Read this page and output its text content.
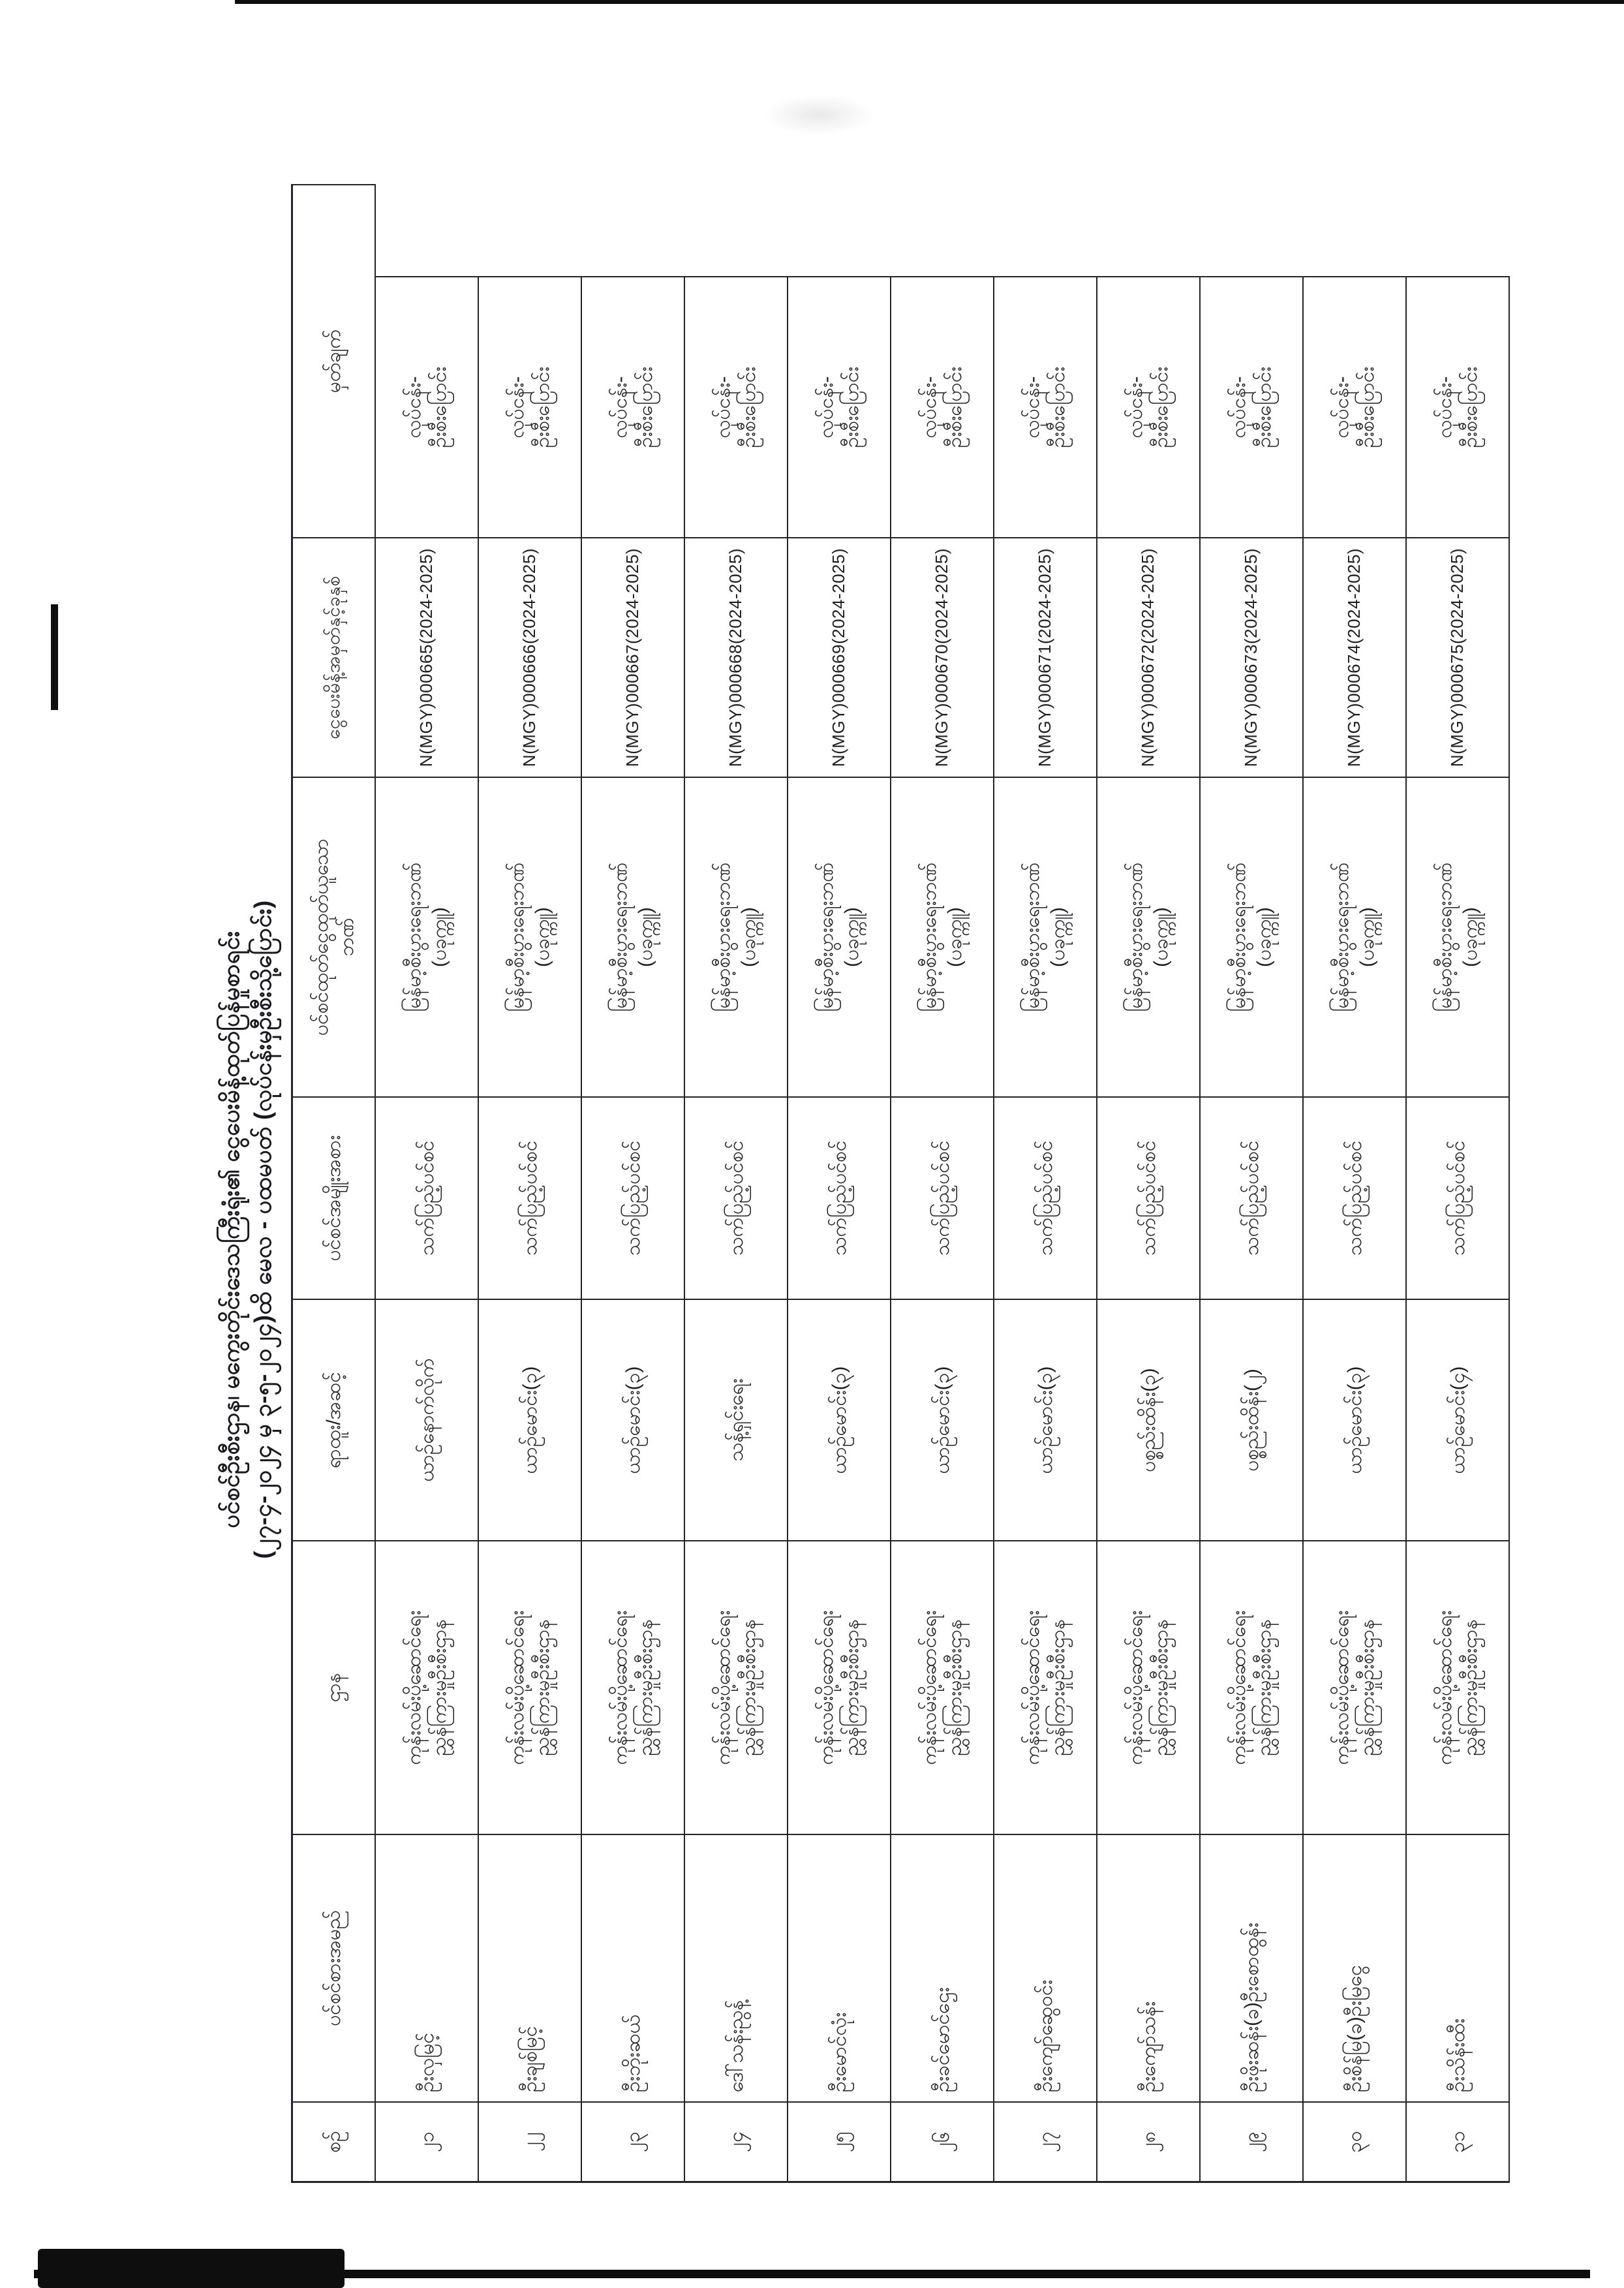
ပင်စင်ဦးစီးဌာန၊ မကွေးတိုင်းဒေသကြီးရုံး၏ ငွေပေးမိန့်ထုတ်ပြန်မှုစာရင်း (၂၇-၄-၂၀၂၄ မှ ၃-၅-၂၀၂၄)ထိ မေလ - ပထမပတ် (လုပ်ငန်းမှဦးစီးသို့ပြောင်း)
စဉ်
ပင်စင်စားအမည်
ဌာန
ရာထူး/အဆင့်
ပင်စင်အမျိုးအစား
ပင်စင်ထုတ်ငွေထုတ်ယူသော ဘဏ်
ငွေပေးမိန့်အမှတ်နှင့်ခုနှစ်
မှတ်ချက်
၂၁
ဦးလှမြင့်
ကုန်းလမ်းပို့ဆောင်ရေး ညွှန်ကြားမှုဦးစီးဌာန
ယာဉ်နောက်လိုက်
သက်ပြည့်ပင်စင်
မြန်မာ့စီးပွားရေးဘဏ် (ပခုက္ကူ)
N(MGY)000665(2024-2025)
လုပ်ငန်း- ဦးစီးပြောင်း
၂၂
ဦးချစ်မြင့်
ကုန်းလမ်းပို့ဆောင်ရေး ညွှန်ကြားမှုဦးစီးဌာန
ယာဉ်မောင်း(၃)
သက်ပြည့်ပင်စင်
မြန်မာ့စီးပွားရေးဘဏ် (ပခုက္ကူ)
N(MGY)000666(2024-2025)
လုပ်ငန်း- ဦးစီးပြောင်း
၂၃
ဦးဘိုးဆယ်
ကုန်းလမ်းပို့ဆောင်ရေး ညွှန်ကြားမှုဦးစီးဌာန
ယာဉ်မောင်း(၃)
သက်ပြည့်ပင်စင်
မြန်မာ့စီးပွားရေးဘဏ် (ပခုက္ကူ)
N(MGY)000667(2024-2025)
လုပ်ငန်း- ဦးစီးပြောင်း
၂၄
ဒေါ်သန်းညွန့်
ကုန်းလမ်းပို့ဆောင်ရေး ညွှန်ကြားမှုဦးစီးဌာန
သန့်ရှင်းရေး
သက်ပြည့်ပင်စင်
မြန်မာ့စီးပွားရေးဘဏ် (ပခုက္ကူ)
N(MGY)000668(2024-2025)
လုပ်ငန်း- ဦးစီးပြောင်း
၂၅
ဦးမောင်လုံး
ကုန်းလမ်းပို့ဆောင်ရေး ညွှန်ကြားမှုဦးစီးဌာန
ယာဉ်မောင်း(၃)
သက်ပြည့်ပင်စင်
မြန်မာ့စီးပွားရေးဘဏ် (ပခုက္ကူ)
N(MGY)000669(2024-2025)
လုပ်ငန်း- ဦးစီးပြောင်း
၂၆
ဦးခင်မောင်ဌေး
ကုန်းလမ်းပို့ဆောင်ရေး ညွှန်ကြားမှုဦးစီးဌာန
ယာဉ်မောင်း(၃)
သက်ပြည့်ပင်စင်
မြန်မာ့စီးပွားရေးဘဏ် (ပခုက္ကူ)
N(MGY)000670(2024-2025)
လုပ်ငန်း- ဦးစီးပြောင်း
၂၇
ဦးကျော်ဆွေဝင်း
ကုန်းလမ်းပို့ဆောင်ရေး ညွှန်ကြားမှုဦးစီးဌာန
ယာဉ်မောင်း(၃)
သက်ပြည့်ပင်စင်
မြန်မာ့စီးပွားရေးဘဏ် (ပခုက္ကူ)
N(MGY)000671(2024-2025)
လုပ်ငန်း- ဦးစီးပြောင်း
၂၈
ဦးကျော်သန်း
ကုန်းလမ်းပို့ဆောင်ရေး ညွှန်ကြားမှုဦးစီးဌာန
ပစ္စည်းထိန်း(၃)
သက်ပြည့်ပင်စင်
မြန်မာ့စီးပွားရေးဘဏ် (ပခုက္ကူ)
N(MGY)000672(2024-2025)
လုပ်ငန်း- ဦးစီးပြောင်း
၂၉
ဦးဖိုးဆန်း(ခ)ဦးစောထွန်း
ကုန်းလမ်းပို့ဆောင်ရေး ညွှန်ကြားမှုဦးစီးဌာန
ပစ္စည်းထိန်း(၂)
သက်ပြည့်ပင်စင်
မြန်မာ့စီးပွားရေးဘဏ် (ပခုက္ကူ)
N(MGY)000673(2024-2025)
လုပ်ငန်း- ဦးစီးပြောင်း
၃၀
ဦးစိန်မြ(ခ)ဦးမြငွေ
ကုန်းလမ်းပို့ဆောင်ရေး ညွှန်ကြားမှုဦးစီးဌာန
ယာဉ်မောင်း(၃)
သက်ပြည့်ပင်စင်
မြန်မာ့စီးပွားရေးဘဏ် (ပခုက္ကူ)
N(MGY)000674(2024-2025)
လုပ်ငန်း- ဦးစီးပြောင်း
၃၁
ဦးသိန်းထီး
ကုန်းလမ်းပို့ဆောင်ရေး ညွှန်ကြားမှုဦးစီးဌာန
ယာဉ်မောင်း(၄)
သက်ပြည့်ပင်စင်
မြန်မာ့စီးပွားရေးဘဏ် (ပခုက္ကူ)
N(MGY)000675(2024-2025)
လုပ်ငန်း- ဦးစီးပြောင်း
